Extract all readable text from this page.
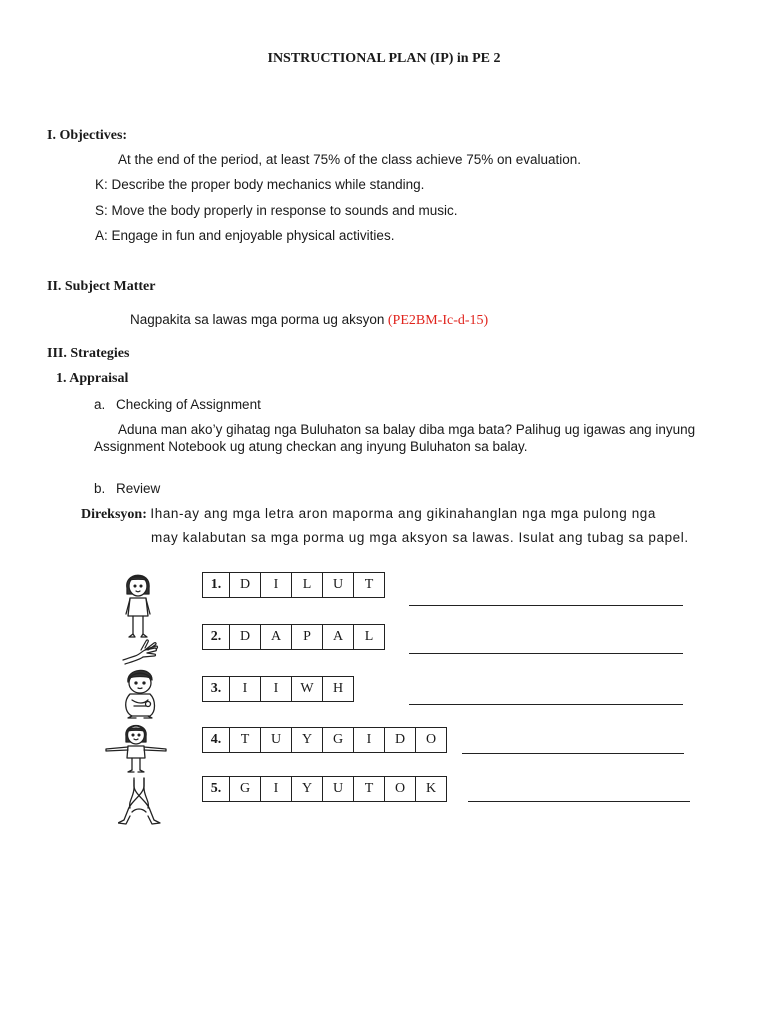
INSTRUCTIONAL PLAN (IP) in PE 2
I. Objectives:
At the end of the period, at least 75% of the class achieve 75% on evaluation.
K: Describe the proper body mechanics while standing.
S: Move the body properly in response to sounds and music.
A: Engage in fun and enjoyable physical activities.
II. Subject Matter
Nagpakita sa lawas mga porma ug aksyon (PE2BM-Ic-d-15)
III. Strategies
1. Appraisal
a. Checking of Assignment
Aduna man ako’y gihatag nga Buluhaton sa balay diba mga bata? Palihug ug igawas ang inyung
Assignment Notebook ug atung checkan ang inyung Buluhaton sa balay.
b. Review
Direksyon: Ihan-ay ang mga letra aron maporma ang gikinahanglan nga mga pulong nga
may kalabutan sa mga porma ug mga aksyon sa lawas. Isulat ang tubag sa papel.
1.	D	I	L	U	T
2.	D	A	P	A	L
3.	I	I	W	H
4.	T	U	Y	G	I	D	O
5.	G	I	Y	U	T	O	K
